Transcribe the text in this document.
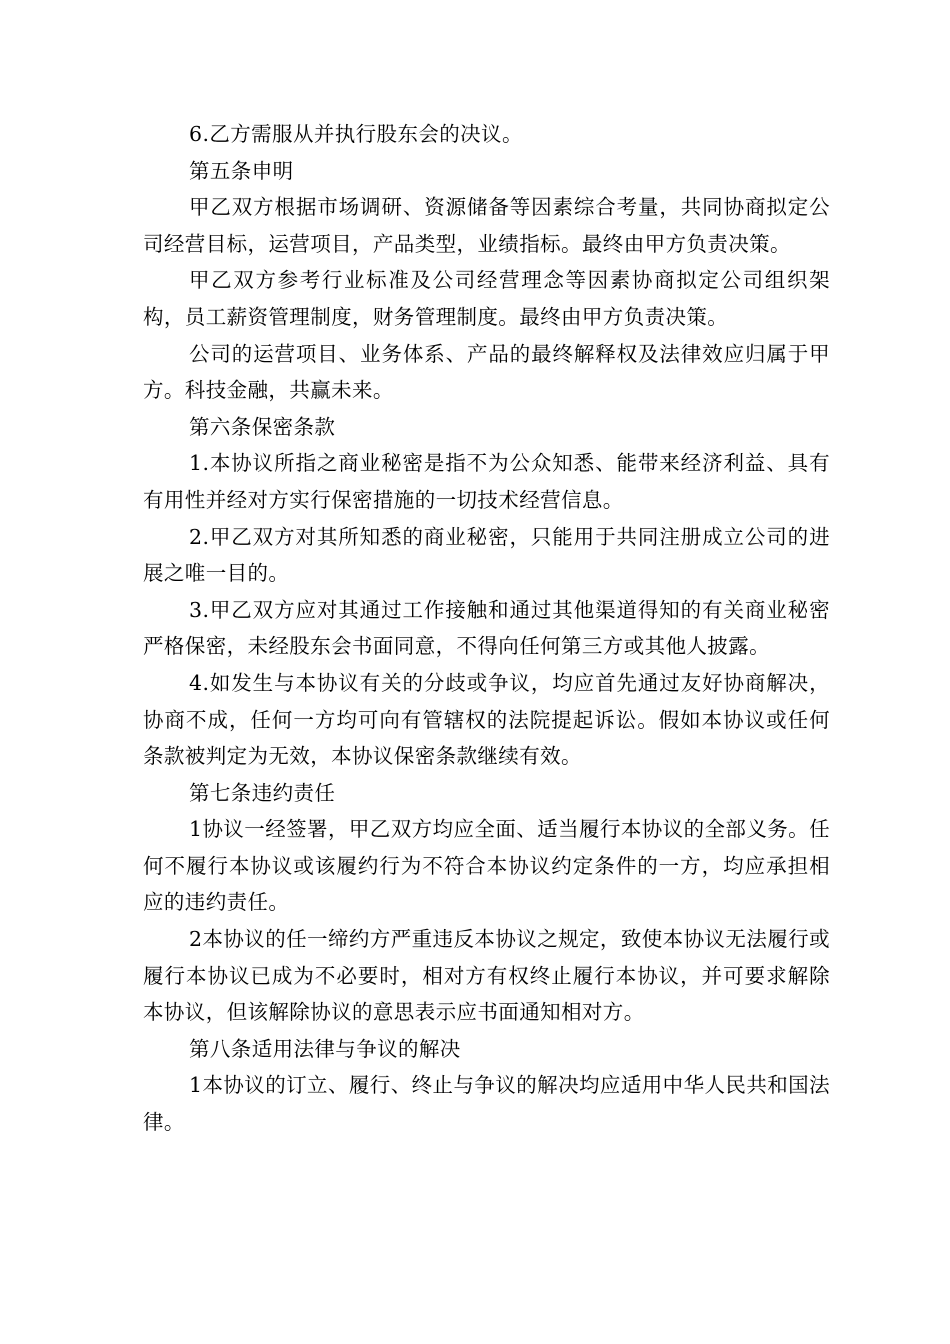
6.乙方需服从并执行股东会的决议。

第五条申明

甲乙双方根据市场调研、资源储备等因素综合考量，共同协商拟定公司经营目标，运营项目，产品类型，业绩指标。最终由甲方负责决策。

甲乙双方参考行业标准及公司经营理念等因素协商拟定公司组织架构，员工薪资管理制度，财务管理制度。最终由甲方负责决策。

公司的运营项目、业务体系、产品的最终解释权及法律效应归属于甲方。科技金融，共赢未来。

第六条保密条款

1.本协议所指之商业秘密是指不为公众知悉、能带来经济利益、具有有用性并经对方实行保密措施的一切技术经营信息。

2.甲乙双方对其所知悉的商业秘密，只能用于共同注册成立公司的进展之唯一目的。

3.甲乙双方应对其通过工作接触和通过其他渠道得知的有关商业秘密严格保密，未经股东会书面同意，不得向任何第三方或其他人披露。

4.如发生与本协议有关的分歧或争议，均应首先通过友好协商解决，协商不成，任何一方均可向有管辖权的法院提起诉讼。假如本协议或任何条款被判定为无效，本协议保密条款继续有效。

第七条违约责任

1协议一经签署，甲乙双方均应全面、适当履行本协议的全部义务。任何不履行本协议或该履约行为不符合本协议约定条件的一方，均应承担相应的违约责任。

2本协议的任一缔约方严重违反本协议之规定，致使本协议无法履行或履行本协议已成为不必要时，相对方有权终止履行本协议，并可要求解除本协议，但该解除协议的意思表示应书面通知相对方。

第八条适用法律与争议的解决

1本协议的订立、履行、终止与争议的解决均应适用中华人民共和国法律。
